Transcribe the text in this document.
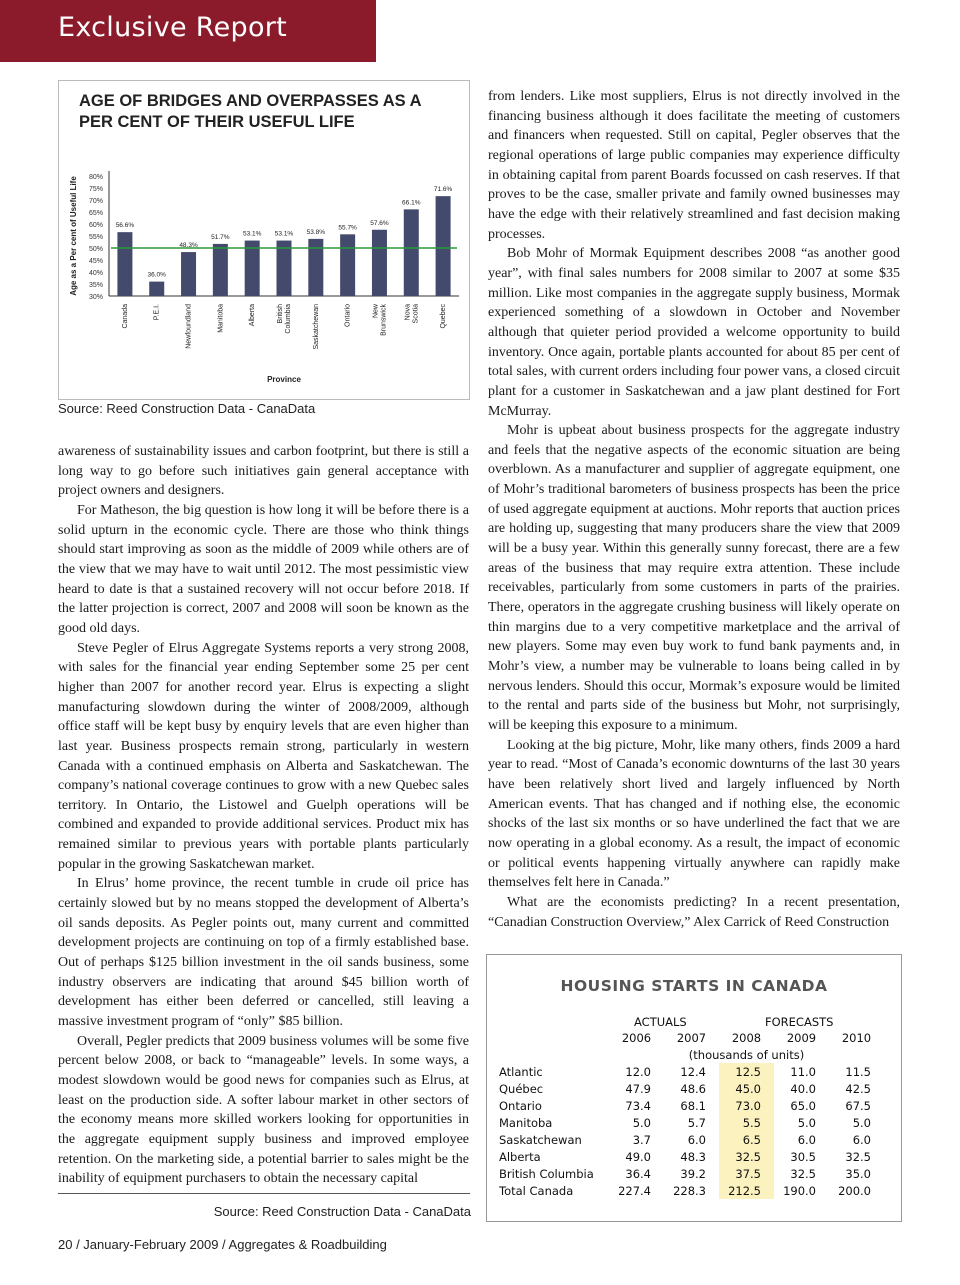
Exclusive Report
AGE OF BRIDGES AND OVERPASSES AS A PER CENT OF THEIR USEFUL LIFE
30%
35%
40%
45%
50%
55%
60%
65%
70%
75%
80%
56.6%
Canada
36.0%
P.E.I.
48.3%
Newfoundland
51.7%
Manitoba
53.1%
Alberta
53.1%
BritishColumbia
53.8%
Saskatchewan
55.7%
Ontario
57.6%
NewBrunswick
66.1%
NovaScotia
71.6%
Quebec
Age as a Per cent of Useful Life
Province
Source: Reed Construction Data - CanaData

awareness of sustainability issues and carbon footprint, but there is still a long way to go before such initiatives gain general acceptance with project owners and designers.

For Matheson, the big question is how long it will be before there is a solid upturn in the economic cycle. There are those who think things should start improving as soon as the middle of 2009 while others are of the view that we may have to wait until 2012. The most pessimistic view heard to date is that a sustained recovery will not occur before 2018. If the latter projection is correct, 2007 and 2008 will soon be known as the good old days.

Steve Pegler of Elrus Aggregate Systems reports a very strong 2008, with sales for the financial year ending September some 25 per cent higher than 2007 for another record year. Elrus is expecting a slight manufacturing slowdown during the winter of 2008/2009, although office staff will be kept busy by enquiry levels that are even higher than last year. Business prospects remain strong, particularly in western Canada with a continued emphasis on Alberta and Saskatchewan. The company’s national coverage continues to grow with a new Quebec sales territory. In Ontario, the Listowel and Guelph operations will be combined and expanded to provide additional services. Product mix has remained similar to previous years with portable plants particularly popular in the growing Saskatchewan market.

In Elrus’ home province, the recent tumble in crude oil price has certainly slowed but by no means stopped the development of Alberta’s oil sands deposits. As Pegler points out, many current and committed development projects are continuing on top of a firmly established base. Out of perhaps $125 billion investment in the oil sands business, some industry observers are indicating that around $45 billion worth of development has either been deferred or cancelled, still leaving a massive investment program of “only” $85 billion.

Overall, Pegler predicts that 2009 business volumes will be some five percent below 2008, or back to “manageable” levels. In some ways, a modest slowdown would be good news for companies such as Elrus, at least on the production side. A softer labour market in other sectors of the economy means more skilled workers looking for opportunities in the aggregate equipment supply business and improved employee retention. On the marketing side, a potential barrier to sales might be the inability of equipment purchasers to obtain the necessary capital

Source: Reed Construction Data - CanaData

from lenders. Like most suppliers, Elrus is not directly involved in the financing business although it does facilitate the meeting of customers and financers when requested. Still on capital, Pegler observes that the regional operations of large public companies may experience difficulty in obtaining capital from parent Boards focussed on cash reserves. If that proves to be the case, smaller private and family owned businesses may have the edge with their relatively streamlined and fast decision making processes.

Bob Mohr of Mormak Equipment describes 2008 “as another good year”, with final sales numbers for 2008 similar to 2007 at some $35 million. Like most companies in the aggregate supply business, Mormak experienced something of a slowdown in October and November although that quieter period provided a welcome opportunity to build inventory. Once again, portable plants accounted for about 85 per cent of total sales, with current orders including four power vans, a closed circuit plant for a customer in Saskatchewan and a jaw plant destined for Fort McMurray.

Mohr is upbeat about business prospects for the aggregate industry and feels that the negative aspects of the economic situation are being overblown. As a manufacturer and supplier of aggregate equipment, one of Mohr’s traditional barometers of business prospects has been the price of used aggregate equipment at auctions. Mohr reports that auction prices are holding up, suggesting that many producers share the view that 2009 will be a busy year. Within this generally sunny forecast, there are a few areas of the business that may require extra attention. These include receivables, particularly from some customers in parts of the prairies. There, operators in the aggregate crushing business will likely operate on thin margins due to a very competitive marketplace and the arrival of new players. Some may even buy work to fund bank payments and, in Mohr’s view, a number may be vulnerable to loans being called in by nervous lenders. Should this occur, Mormak’s exposure would be limited to the rental and parts side of the business but Mohr, not surprisingly, will be keeping this exposure to a minimum.

Looking at the big picture, Mohr, like many others, finds 2009 a hard year to read. “Most of Canada’s economic downturns of the last 30 years have been relatively short lived and largely influenced by North American events. That has changed and if nothing else, the economic shocks of the last six months or so have underlined the fact that we are now operating in a global economy. As a result, the impact of economic or political events happening virtually anywhere can rapidly make themselves felt here in Canada.”

What are the economists predicting? In a recent presentation, “Canadian Construction Overview,” Alex Carrick of Reed Construction

HOUSING STARTS IN CANADA
ACTUALS	FORECASTS
	2006	2007	2008	2009	2010
	(thousands of units)				
Atlantic	12.0	12.4	12.5	11.0	11.5
Québec	47.9	48.6	45.0	40.0	42.5
Ontario	73.4	68.1	73.0	65.0	67.5
Manitoba	5.0	5.7	5.5	5.0	5.0
Saskatchewan	3.7	6.0	6.5	6.0	6.0
Alberta	49.0	48.3	32.5	30.5	32.5
British Columbia	36.4	39.2	37.5	32.5	35.0
Total Canada	227.4	228.3	212.5	190.0	200.0
20 / January-February 2009 / Aggregates & Roadbuilding
